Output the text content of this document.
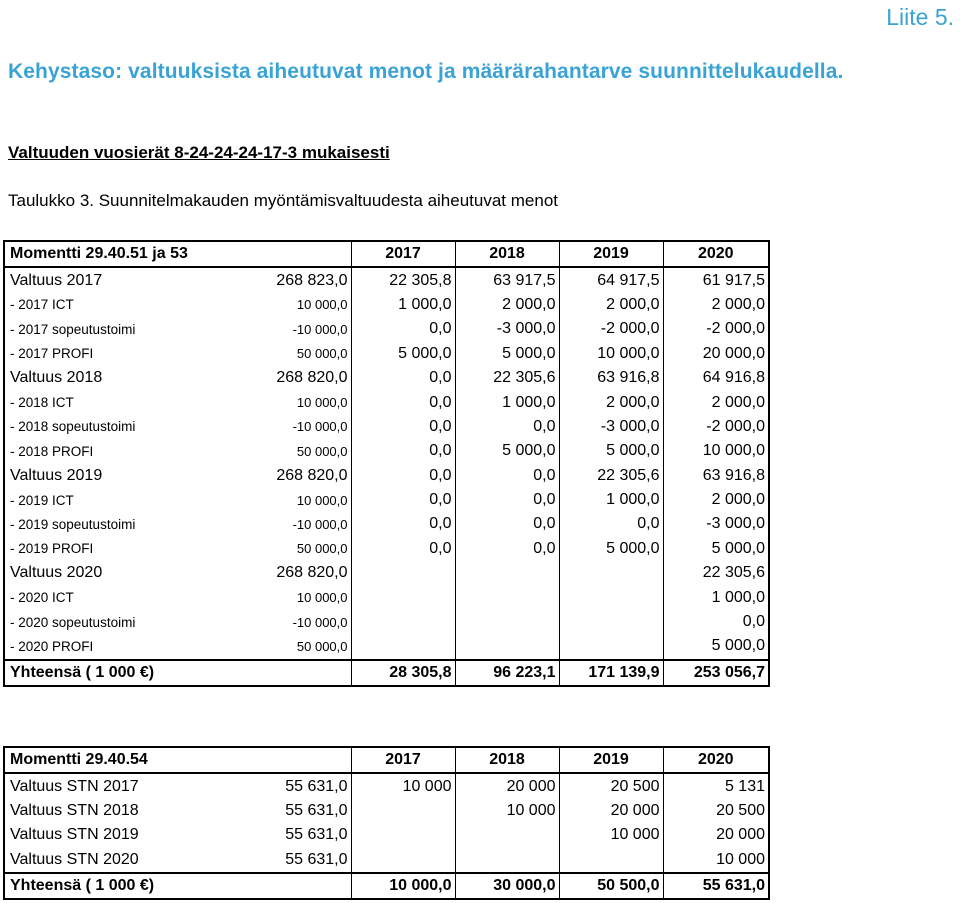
Liite 5.
Kehystaso: valtuuksista aiheutuvat menot ja määrärahantarve suunnittelukaudella.
Valtuuden vuosierät 8-24-24-24-17-3 mukaisesti
Taulukko 3. Suunnitelmakauden myöntämisvaltuudesta aiheutuvat menot
Momentti 29.40.51 ja 53		2017	2018	2019	2020
Valtuus 2017	268 823,0	22 305,8	63 917,5	64 917,5	61 917,5
- 2017 ICT	10 000,0	1 000,0	2 000,0	2 000,0	2 000,0
- 2017 sopeutustoimi	-10 000,0	0,0	-3 000,0	-2 000,0	-2 000,0
- 2017 PROFI	50 000,0	5 000,0	5 000,0	10 000,0	20 000,0
Valtuus 2018	268 820,0	0,0	22 305,6	63 916,8	64 916,8
- 2018 ICT	10 000,0	0,0	1 000,0	2 000,0	2 000,0
- 2018 sopeutustoimi	-10 000,0	0,0	0,0	-3 000,0	-2 000,0
- 2018 PROFI	50 000,0	0,0	5 000,0	5 000,0	10 000,0
Valtuus 2019	268 820,0	0,0	0,0	22 305,6	63 916,8
- 2019 ICT	10 000,0	0,0	0,0	1 000,0	2 000,0
- 2019 sopeutustoimi	-10 000,0	0,0	0,0	0,0	-3 000,0
- 2019 PROFI	50 000,0	0,0	0,0	5 000,0	5 000,0
Valtuus 2020	268 820,0				22 305,6
- 2020 ICT	10 000,0				1 000,0
- 2020 sopeutustoimi	-10 000,0				0,0
- 2020 PROFI	50 000,0				5 000,0
Yhteensä ( 1 000 €)		28 305,8	96 223,1	171 139,9	253 056,7
Momentti 29.40.54		2017	2018	2019	2020
Valtuus STN 2017	55 631,0	10 000	20 000	20 500	5 131
Valtuus STN 2018	55 631,0		10 000	20 000	20 500
Valtuus STN 2019	55 631,0			10 000	20 000
Valtuus STN 2020	55 631,0				10 000
Yhteensä ( 1 000 €)		10 000,0	30 000,0	50 500,0	55 631,0
